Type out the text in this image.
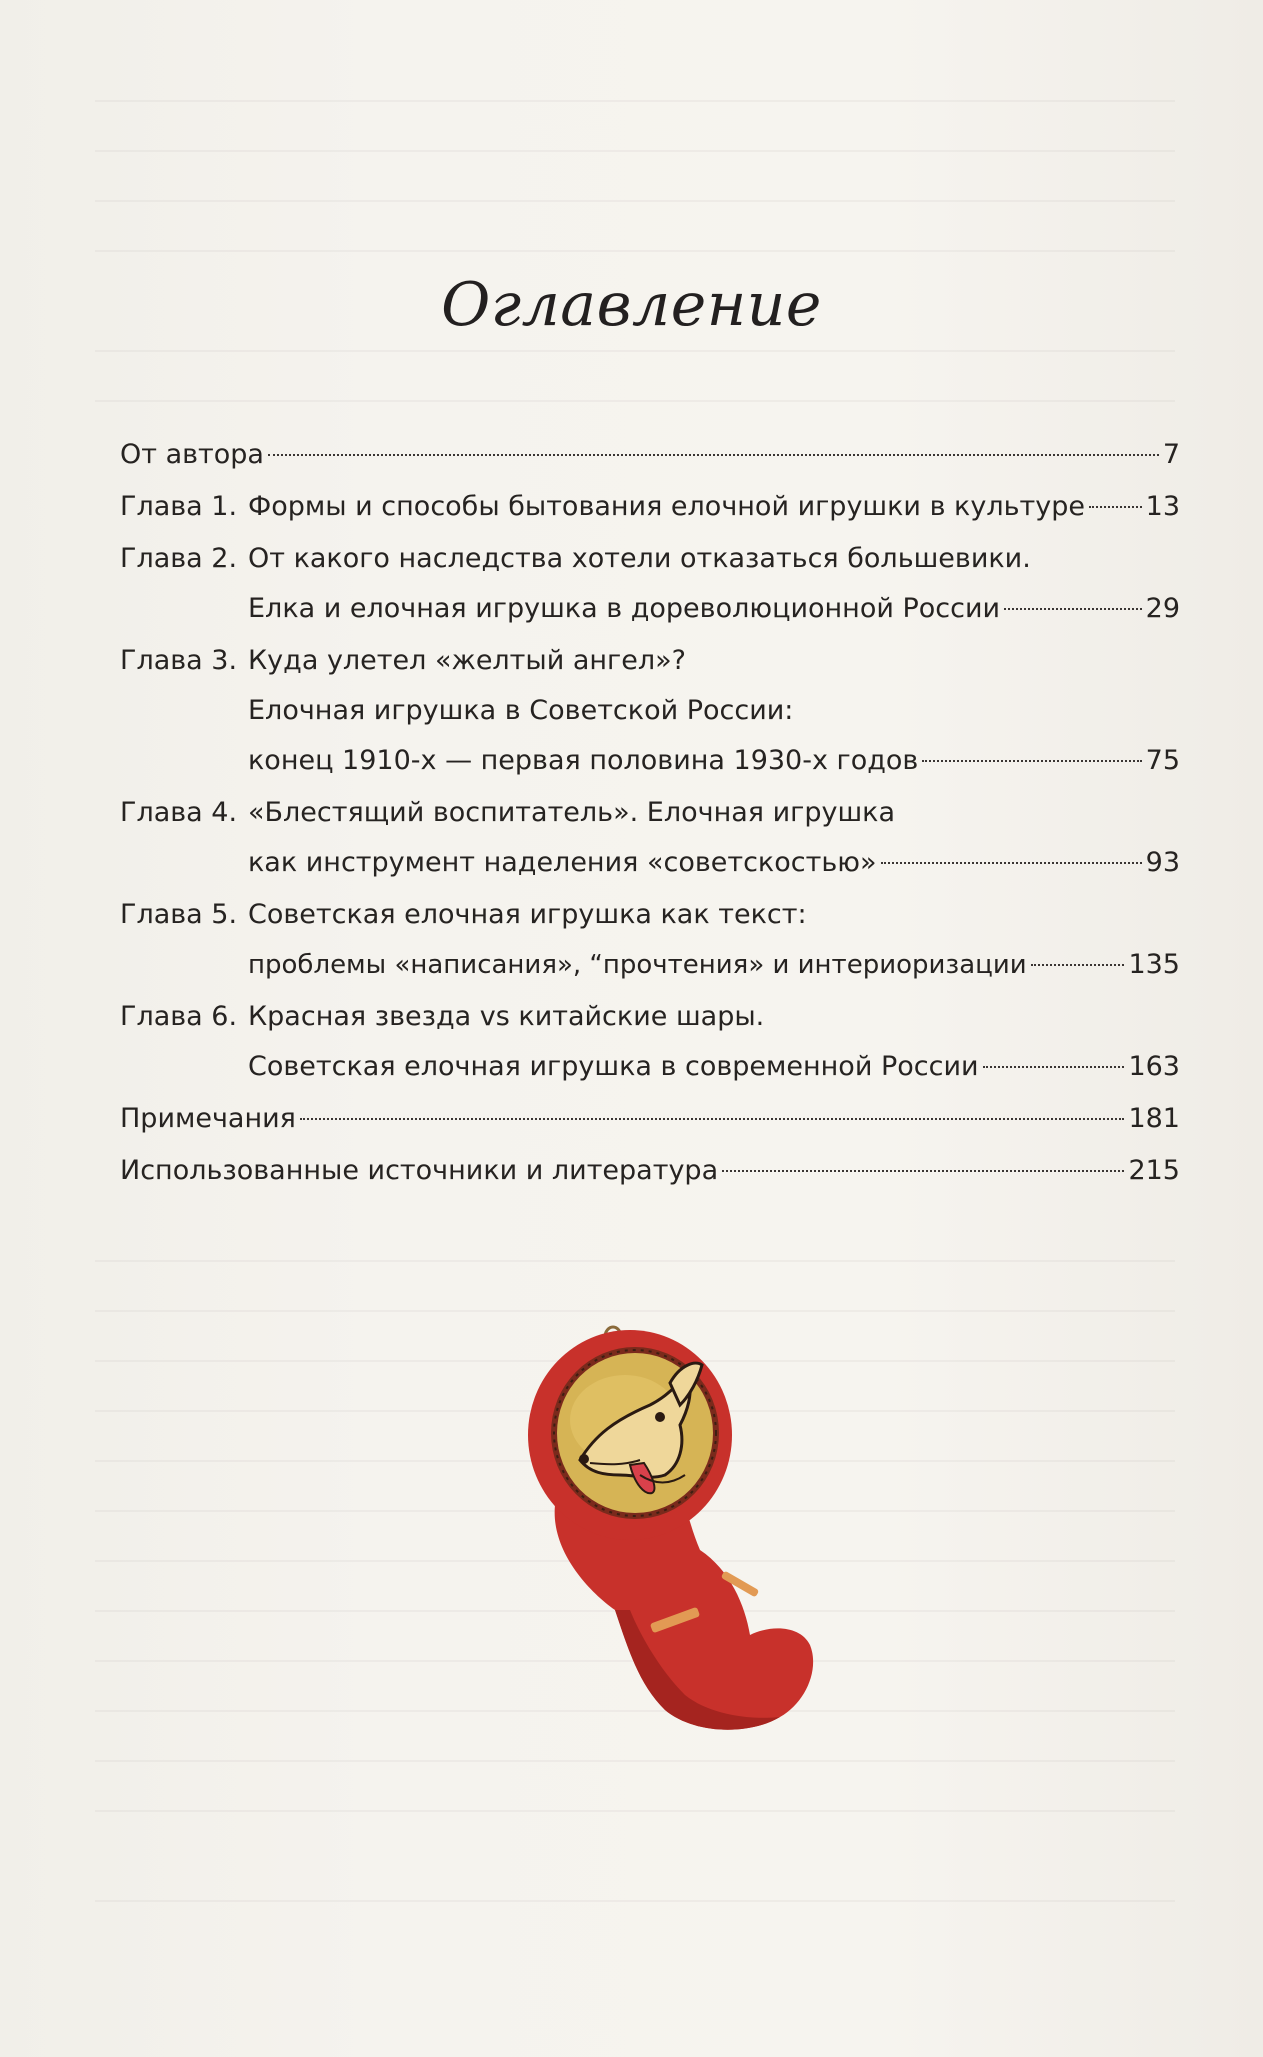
Оглавление
От автора	7
Глава 1. Формы и способы бытования елочной игрушки в культуре 13
Глава 2. От какого наследства хотели отказаться большевики.
Елка и елочная игрушка в дореволюционной России	29
Глава 3. Куда улетел «желтый ангел»?
Елочная игрушка в Советской России:
конец 1910-х — первая половина 1930-х годов	75
Глава 4. «Блестящий воспитатель». Елочная игрушка
как инструмент наделения «советскостью»	93
Глава 5. Советская елочная игрушка как текст:
проблемы «написания», “прочтения» и интериоризации	135
Глава 6. Красная звезда vs китайские шары.
Советская елочная игрушка в современной России	163
Примечания	181
Использованные источники и литература	215
